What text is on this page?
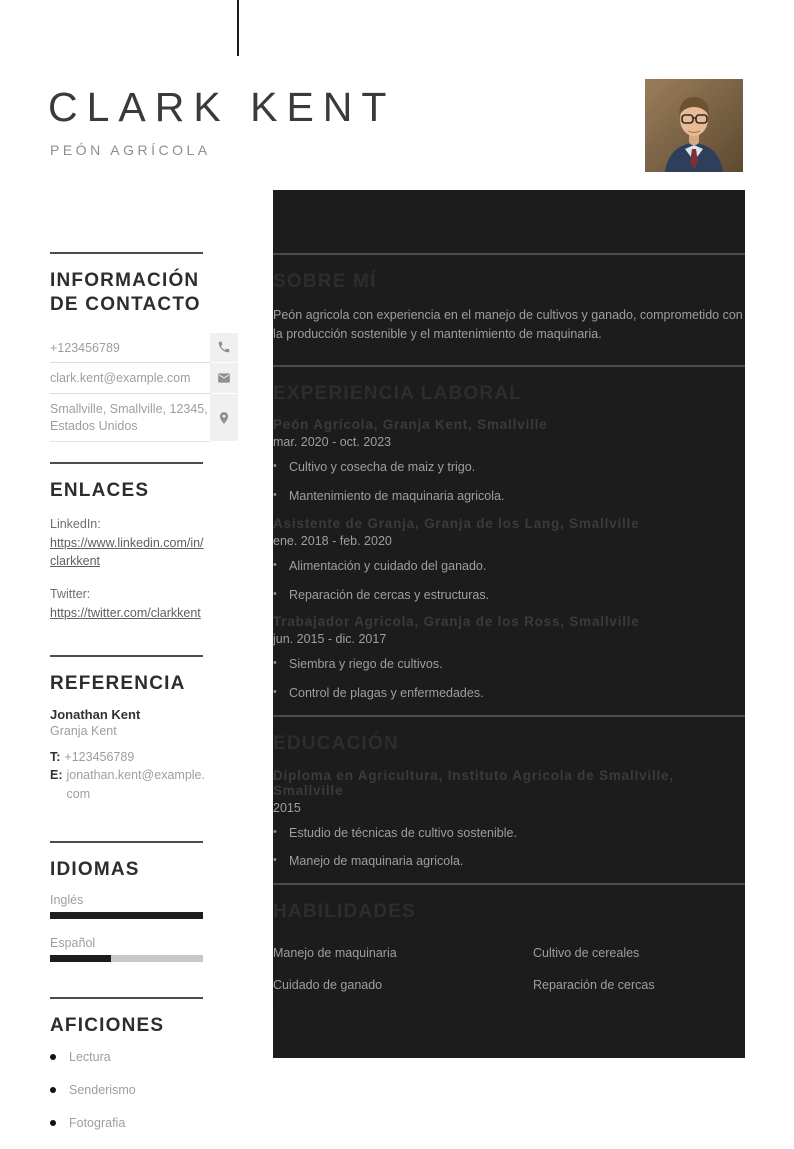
CLARK KENT
PEÓN AGRÍCOLA
INFORMACIÓN DE CONTACTO
+123456789
clark.kent@example.com
Smallville, Smallville, 12345, Estados Unidos
ENLACES
LinkedIn:
https://www.linkedin.com/in/clarkkent
Twitter:
https://twitter.com/clarkkent
REFERENCIA
Jonathan Kent
Granja Kent
T: +123456789
E: jonathan.kent@example.com
IDIOMAS
Inglés
Español
AFICIONES
Lectura
Senderismo
Fotografia
SOBRE MÍ

Peón agricola con experiencia en el manejo de cultivos y ganado, comprometido con la producción sostenible y el mantenimiento de maquinaria.

EXPERIENCIA LABORAL
Peón Agrícola, Granja Kent, Smallville
mar. 2020 - oct. 2023
• Cultivo y cosecha de maiz y trigo.
• Mantenimiento de maquinaria agricola.
Asistente de Granja, Granja de los Lang, Smallville
ene. 2018 - feb. 2020
• Alimentación y cuidado del ganado.
• Reparación de cercas y estructuras.
Trabajador Agricola, Granja de los Ross, Smallville
jun. 2015 - dic. 2017
• Siembra y riego de cultivos.
• Control de plagas y enfermedades.
EDUCACIÓN
Diploma en Agricultura, Instituto Agricola de Smallville, Smallville
2015
• Estudio de técnicas de cultivo sostenible.
• Manejo de maquinaria agricola.
HABILIDADES
Manejo de maquinaria	Cultivo de cereales
Cuidado de ganado	Reparación de cercas
